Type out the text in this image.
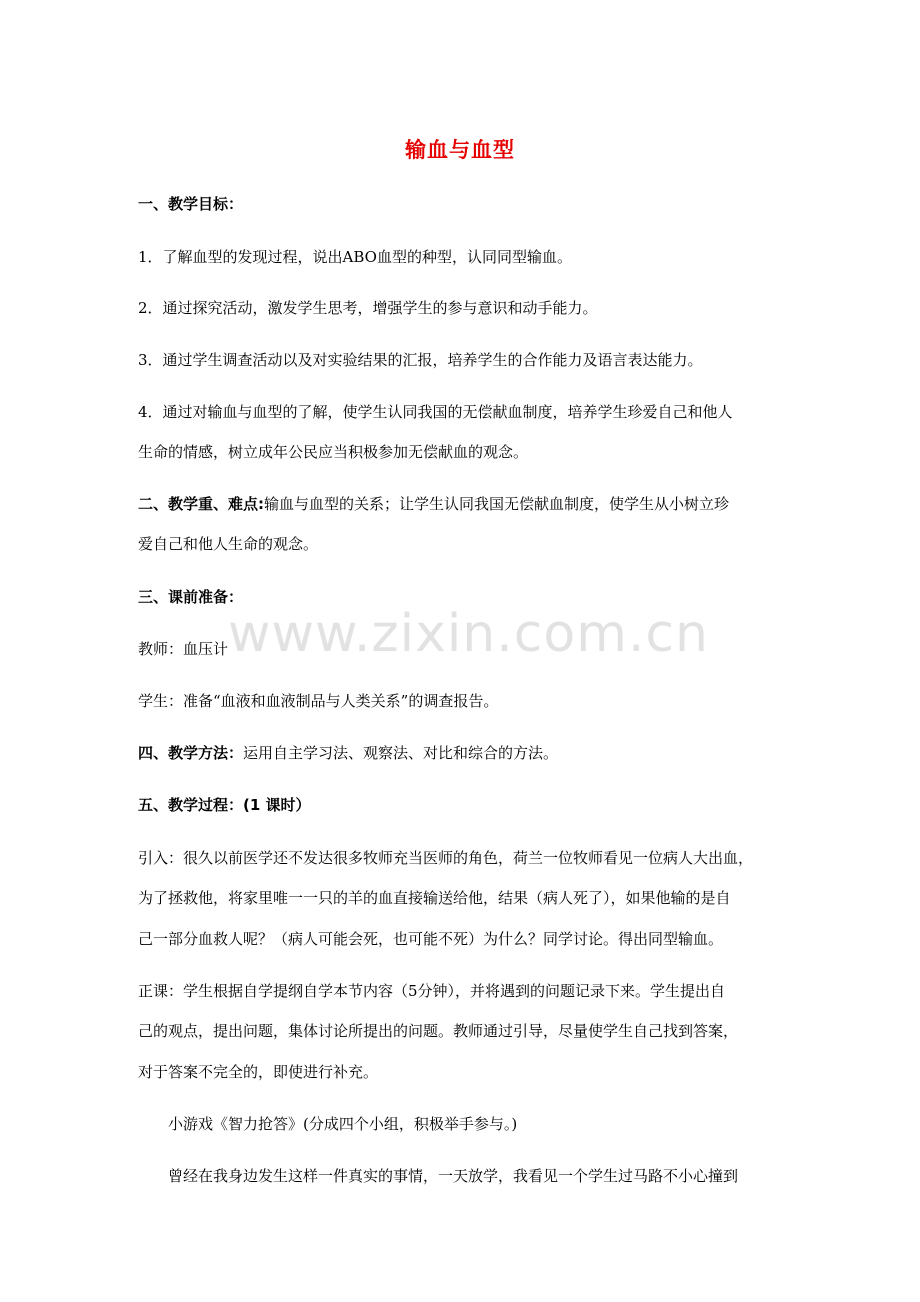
www.zixin.com.cn
输血与血型
一、教学目标：
1．了解血型的发现过程，说出ABO血型的种型，认同同型输血。
2．通过探究活动，激发学生思考，增强学生的参与意识和动手能力。
3．通过学生调查活动以及对实验结果的汇报，培养学生的合作能力及语言表达能力。
4．通过对输血与血型的了解，使学生认同我国的无偿献血制度，培养学生珍爱自己和他人
生命的情感，树立成年公民应当积极参加无偿献血的观念。
二、教学重、难点:输血与血型的关系；让学生认同我国无偿献血制度，使学生从小树立珍
爱自己和他人生命的观念。
三、课前准备：
教师：血压计
学生：准备“血液和血液制品与人类关系”的调查报告。
四、教学方法：运用自主学习法、观察法、对比和综合的方法。
五、教学过程：(1 课时）
引入：很久以前医学还不发达很多牧师充当医师的角色，荷兰一位牧师看见一位病人大出血，
为了拯救他，将家里唯一一只的羊的血直接输送给他，结果（病人死了），如果他输的是自
己一部分血救人呢？（病人可能会死，也可能不死）为什么？同学讨论。得出同型输血。
正课：学生根据自学提纲自学本节内容（5分钟），并将遇到的问题记录下来。学生提出自
己的观点，提出问题，集体讨论所提出的问题。教师通过引导，尽量使学生自己找到答案，
对于答案不完全的，即使进行补充。
小游戏《智力抢答》(分成四个小组，积极举手参与。)
曾经在我身边发生这样一件真实的事情，一天放学，我看见一个学生过马路不小心撞到
